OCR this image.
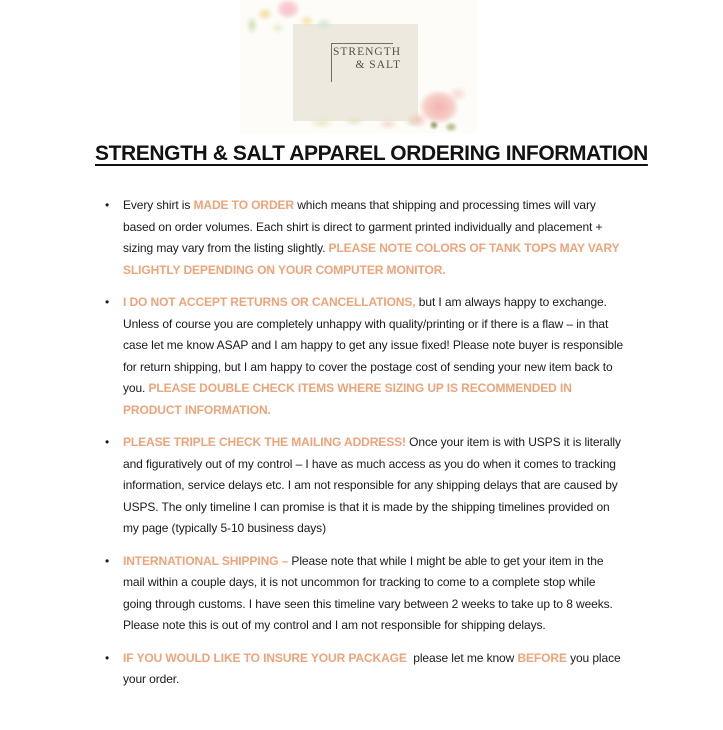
STRENGTH
& SALT
STRENGTH & SALT APPAREL ORDERING INFORMATION
•	Every shirt is MADE TO ORDER which means that shipping and processing times will vary based on order volumes. Each shirt is direct to garment printed individually and placement + sizing may vary from the listing slightly. PLEASE NOTE COLORS OF TANK TOPS MAY VARY SLIGHTLY DEPENDING ON YOUR COMPUTER MONITOR.
•	I DO NOT ACCEPT RETURNS OR CANCELLATIONS, but I am always happy to exchange. Unless of course you are completely unhappy with quality/printing or if there is a flaw – in that case let me know ASAP and I am happy to get any issue fixed! Please note buyer is responsible for return shipping, but I am happy to cover the postage cost of sending your new item back to you. PLEASE DOUBLE CHECK ITEMS WHERE SIZING UP IS RECOMMENDED IN PRODUCT INFORMATION.
•	PLEASE TRIPLE CHECK THE MAILING ADDRESS! Once your item is with USPS it is literally and figuratively out of my control – I have as much access as you do when it comes to tracking information, service delays etc. I am not responsible for any shipping delays that are caused by USPS. The only timeline I can promise is that it is made by the shipping timelines provided on my page (typically 5-10 business days)
•	INTERNATIONAL SHIPPING – Please note that while I might be able to get your item in the mail within a couple days, it is not uncommon for tracking to come to a complete stop while going through customs. I have seen this timeline vary between 2 weeks to take up to 8 weeks. Please note this is out of my control and I am not responsible for shipping delays.
•	IF YOU WOULD LIKE TO INSURE YOUR PACKAGE  please let me know BEFORE you place your order.
